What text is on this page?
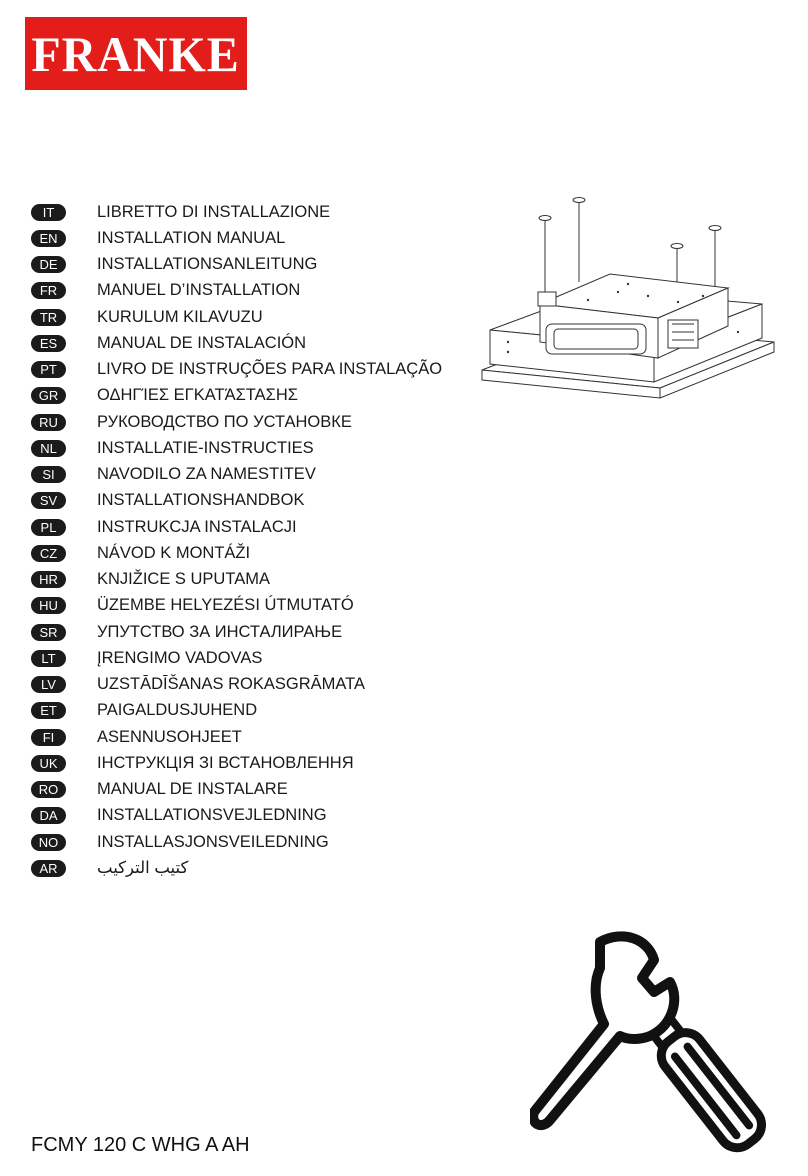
FRANKE
IT	LIBRETTO DI INSTALLAZIONE
EN	INSTALLATION MANUAL
DE	INSTALLATIONSANLEITUNG
FR	MANUEL D’INSTALLATION
TR	KURULUM KILAVUZU
ES	MANUAL DE INSTALACIÓN
PT	LIVRO DE INSTRUÇÕES PARA INSTALAÇÃO
GR	ΟΔΗΓΊΕΣ ΕΓΚΑΤΆΣΤΑΣΗΣ
RU	РУКОВОДСТВО ПО УСТАНОВКЕ
NL	INSTALLATIE-INSTRUCTIES
SI	NAVODILO ZA NAMESTITEV
SV	INSTALLATIONSHANDBOK
PL	INSTRUKCJA INSTALACJI
CZ	NÁVOD K MONTÁŽI
HR	KNJIŽICE S UPUTAMA
HU	ÜZEMBE HELYEZÉSI ÚTMUTATÓ
SR	УПУТСТВО ЗА ИНСТАЛИРАЊЕ
LT	ĮRENGIMO VADOVAS
LV	UZSTĀDĪŠANAS ROKASGRĀMATA
ET	PAIGALDUSJUHEND
FI	ASENNUSOHJEET
UK	ІНСТРУКЦІЯ ЗІ ВСТАНОВЛЕННЯ
RO	MANUAL DE INSTALARE
DA	INSTALLATIONSVEJLEDNING
NO	INSTALLASJONSVEILEDNING
AR	كتيب التركيب
FCMY 120 C WHG A AH
